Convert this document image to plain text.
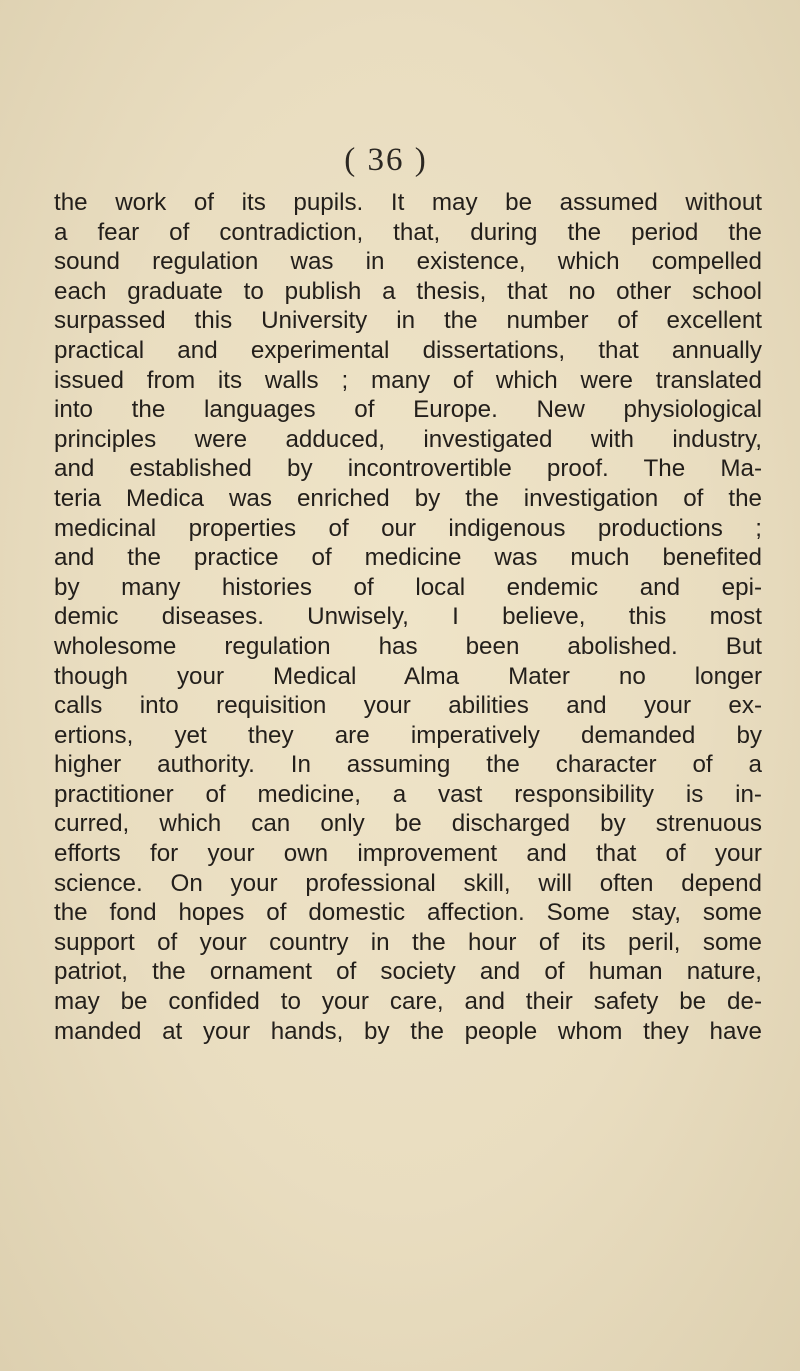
( 36 )
the work of its pupils. It may be assumed without
a fear of contradiction, that, during the period the
sound regulation was in existence, which compelled
each graduate to publish a thesis, that no other school
surpassed this University in the number of excellent
practical and experimental dissertations, that annually
issued from its walls ; many of which were translated
into the languages of Europe. New physiological
principles were adduced, investigated with industry,
and established by incontrovertible proof. The Ma-
teria Medica was enriched by the investigation of the
medicinal properties of our indigenous productions ;
and the practice of medicine was much benefited
by many histories of local endemic and epi-
demic diseases. Unwisely, I believe, this most
wholesome regulation has been abolished. But
though your Medical Alma Mater no longer
calls into requisition your abilities and your ex-
ertions, yet they are imperatively demanded by
higher authority. In assuming the character of a
practitioner of medicine, a vast responsibility is in-
curred, which can only be discharged by strenuous
efforts for your own improvement and that of your
science. On your professional skill, will often depend
the fond hopes of domestic affection. Some stay, some
support of your country in the hour of its peril, some
patriot, the ornament of society and of human nature,
may be confided to your care, and their safety be de-
manded at your hands, by the people whom they have
